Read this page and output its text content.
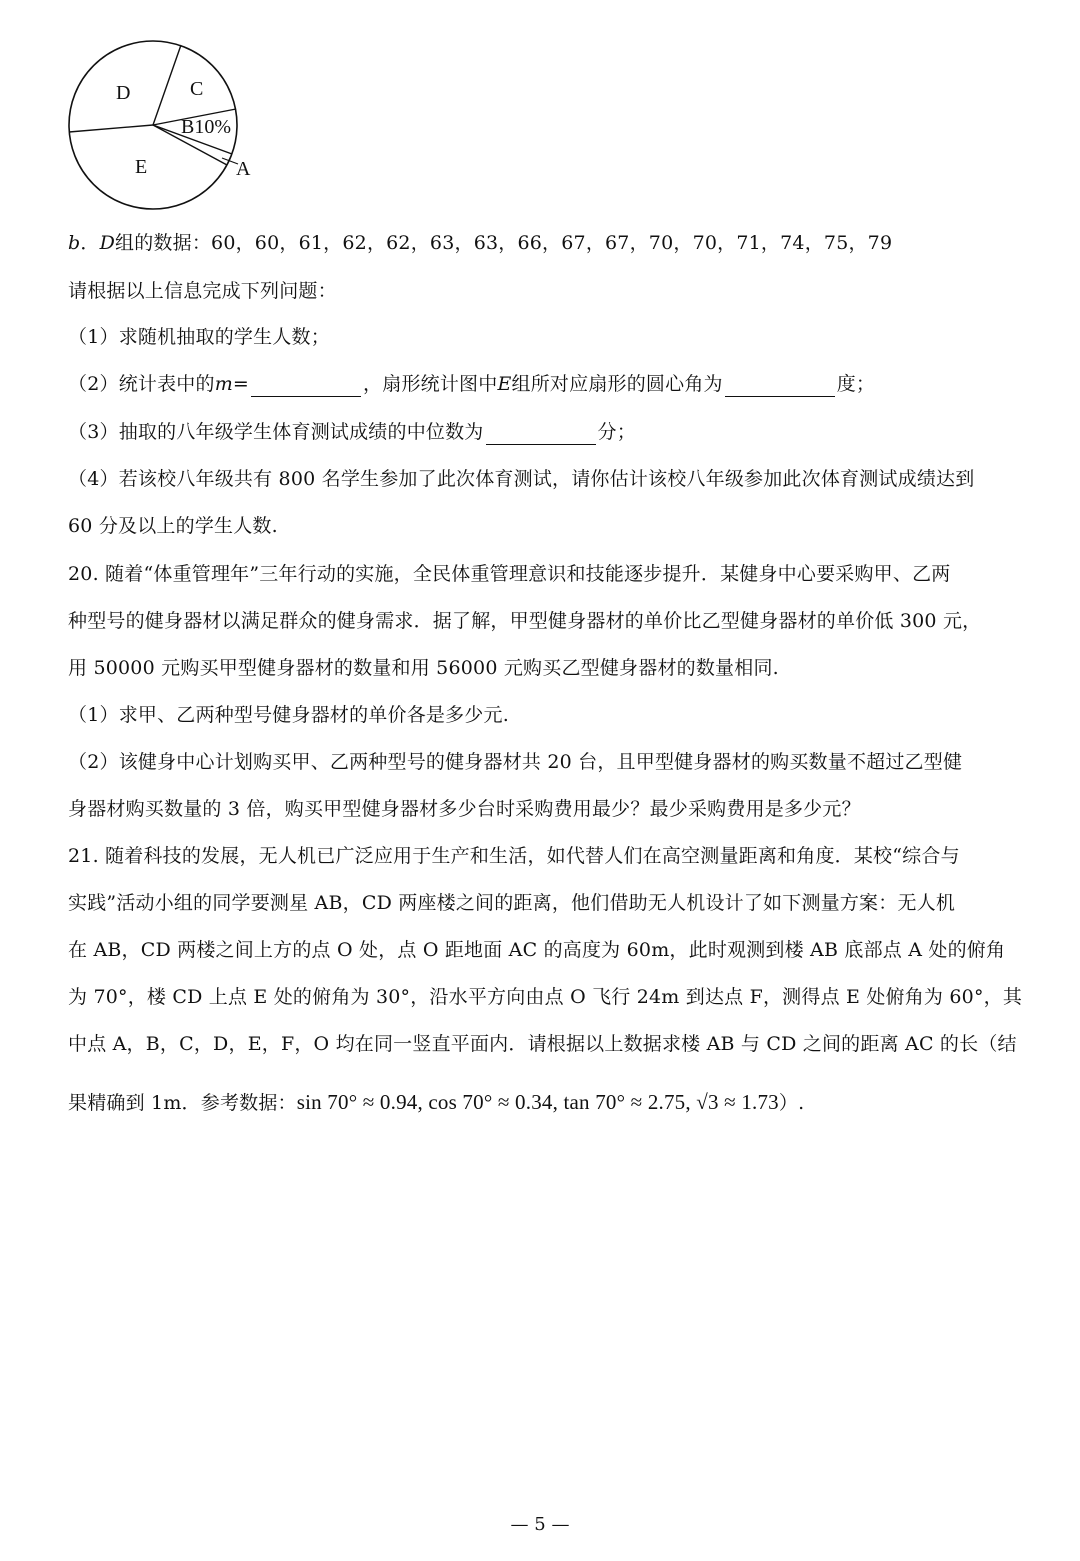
D	C
B10%
E	A
b．D组的数据：60，60，61，62，62，63，63，66，67，67，70，70，71，74，75，79
请根据以上信息完成下列问题：
（1）求随机抽取的学生人数；
（2）统计表中的m=	，扇形统计图中E组所对应扇形的圆心角为	度；
（3）抽取的八年级学生体育测试成绩的中位数为	分；
（4）若该校八年级共有 800 名学生参加了此次体育测试，请你估计该校八年级参加此次体育测试成绩达到
60 分及以上的学生人数.
20. 随着“体重管理年”三年行动的实施，全民体重管理意识和技能逐步提升．某健身中心要采购甲、乙两
种型号的健身器材以满足群众的健身需求．据了解，甲型健身器材的单价比乙型健身器材的单价低 300 元，
用 50000 元购买甲型健身器材的数量和用 56000 元购买乙型健身器材的数量相同.
（1）求甲、乙两种型号健身器材的单价各是多少元.
（2）该健身中心计划购买甲、乙两种型号的健身器材共 20 台，且甲型健身器材的购买数量不超过乙型健
身器材购买数量的 3 倍，购买甲型健身器材多少台时采购费用最少？最少采购费用是多少元？
21. 随着科技的发展，无人机已广泛应用于生产和生活，如代替人们在高空测量距离和角度．某校“综合与
实践”活动小组的同学要测星 AB，CD 两座楼之间的距离，他们借助无人机设计了如下测量方案：无人机
在 AB，CD 两楼之间上方的点 O 处，点 O 距地面 AC 的高度为 60m，此时观测到楼 AB 底部点 A 处的俯角
为 70°，楼 CD 上点 E 处的俯角为 30°，沿水平方向由点 O 飞行 24m 到达点 F，测得点 E 处俯角为 60°，其
中点 A，B，C，D，E，F，O 均在同一竖直平面内．请根据以上数据求楼 AB 与 CD 之间的距离 AC 的长（结
果精确到 1m．参考数据：sin 70° ≈ 0.94, cos 70° ≈ 0.34, tan 70° ≈ 2.75, √3 ≈ 1.73）.
— 5 —
